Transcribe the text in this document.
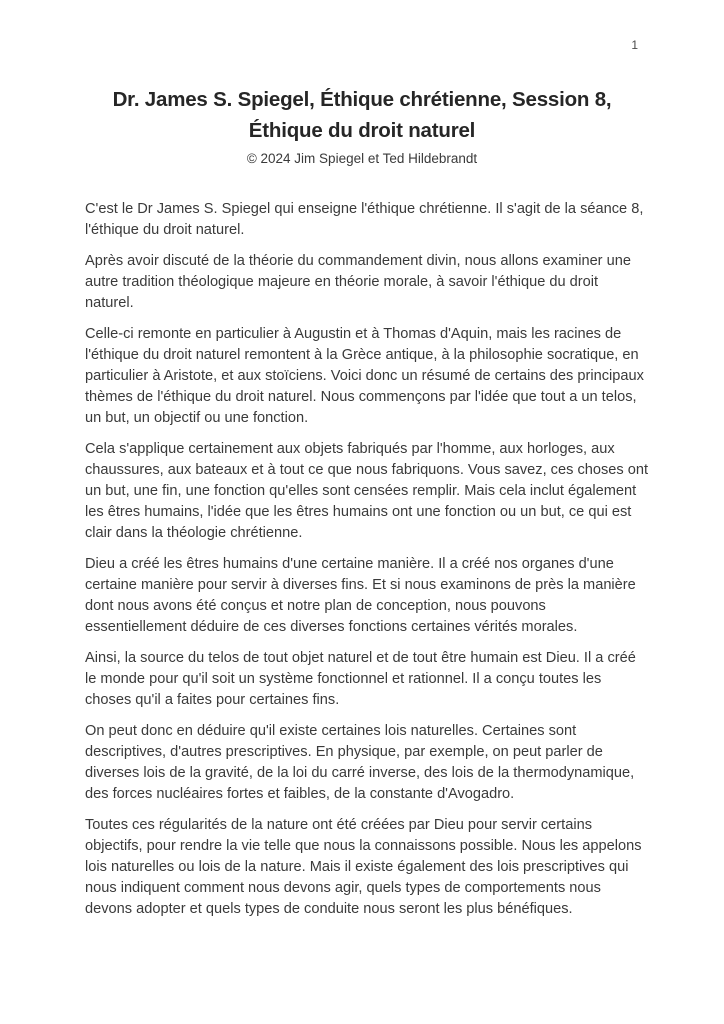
1
Dr. James S. Spiegel, Éthique chrétienne, Session 8,
Éthique du droit naturel
© 2024 Jim Spiegel et Ted Hildebrandt

C'est le Dr James S. Spiegel qui enseigne l'éthique chrétienne. Il s'agit de la séance 8, l'éthique du droit naturel.

Après avoir discuté de la théorie du commandement divin, nous allons examiner une autre tradition théologique majeure en théorie morale, à savoir l'éthique du droit naturel.

Celle-ci remonte en particulier à Augustin et à Thomas d'Aquin, mais les racines de l'éthique du droit naturel remontent à la Grèce antique, à la philosophie socratique, en particulier à Aristote, et aux stoïciens. Voici donc un résumé de certains des principaux thèmes de l'éthique du droit naturel. Nous commençons par l'idée que tout a un telos, un but, un objectif ou une fonction.

Cela s'applique certainement aux objets fabriqués par l'homme, aux horloges, aux chaussures, aux bateaux et à tout ce que nous fabriquons. Vous savez, ces choses ont un but, une fin, une fonction qu'elles sont censées remplir. Mais cela inclut également les êtres humains, l'idée que les êtres humains ont une fonction ou un but, ce qui est clair dans la théologie chrétienne.

Dieu a créé les êtres humains d'une certaine manière. Il a créé nos organes d'une certaine manière pour servir à diverses fins. Et si nous examinons de près la manière dont nous avons été conçus et notre plan de conception, nous pouvons essentiellement déduire de ces diverses fonctions certaines vérités morales.

Ainsi, la source du telos de tout objet naturel et de tout être humain est Dieu. Il a créé le monde pour qu'il soit un système fonctionnel et rationnel. Il a conçu toutes les choses qu'il a faites pour certaines fins.

On peut donc en déduire qu'il existe certaines lois naturelles. Certaines sont descriptives, d'autres prescriptives. En physique, par exemple, on peut parler de diverses lois de la gravité, de la loi du carré inverse, des lois de la thermodynamique, des forces nucléaires fortes et faibles, de la constante d'Avogadro.

Toutes ces régularités de la nature ont été créées par Dieu pour servir certains objectifs, pour rendre la vie telle que nous la connaissons possible. Nous les appelons lois naturelles ou lois de la nature. Mais il existe également des lois prescriptives qui nous indiquent comment nous devons agir, quels types de comportements nous devons adopter et quels types de conduite nous seront les plus bénéfiques.
